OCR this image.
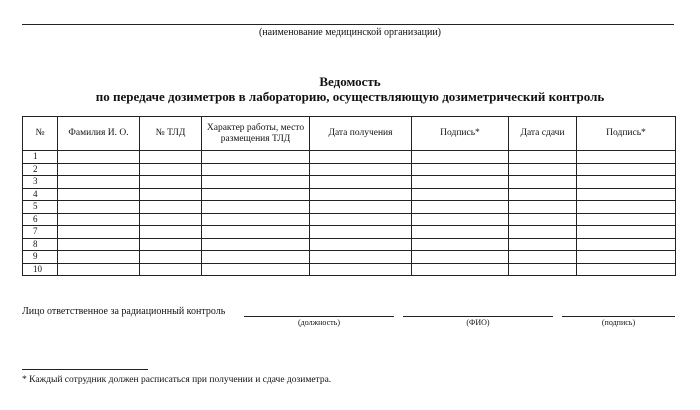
(наименование медицинской организации)
Ведомость
по передаче дозиметров в лабораторию, осуществляющую дозиметрический контроль
№	Фамилия И. О.	№ ТЛД	Характер работы, место размещения ТЛД	Дата получения	Подпись*	Дата сдачи	Подпись*
1							
2							
3							
4							
5							
6							
7							
8							
9							
10							
Лицо ответственное за радиационный контроль
(должность)	(ФИО)	(подпись)
* Каждый сотрудник должен расписаться при получении и сдаче дозиметра.
